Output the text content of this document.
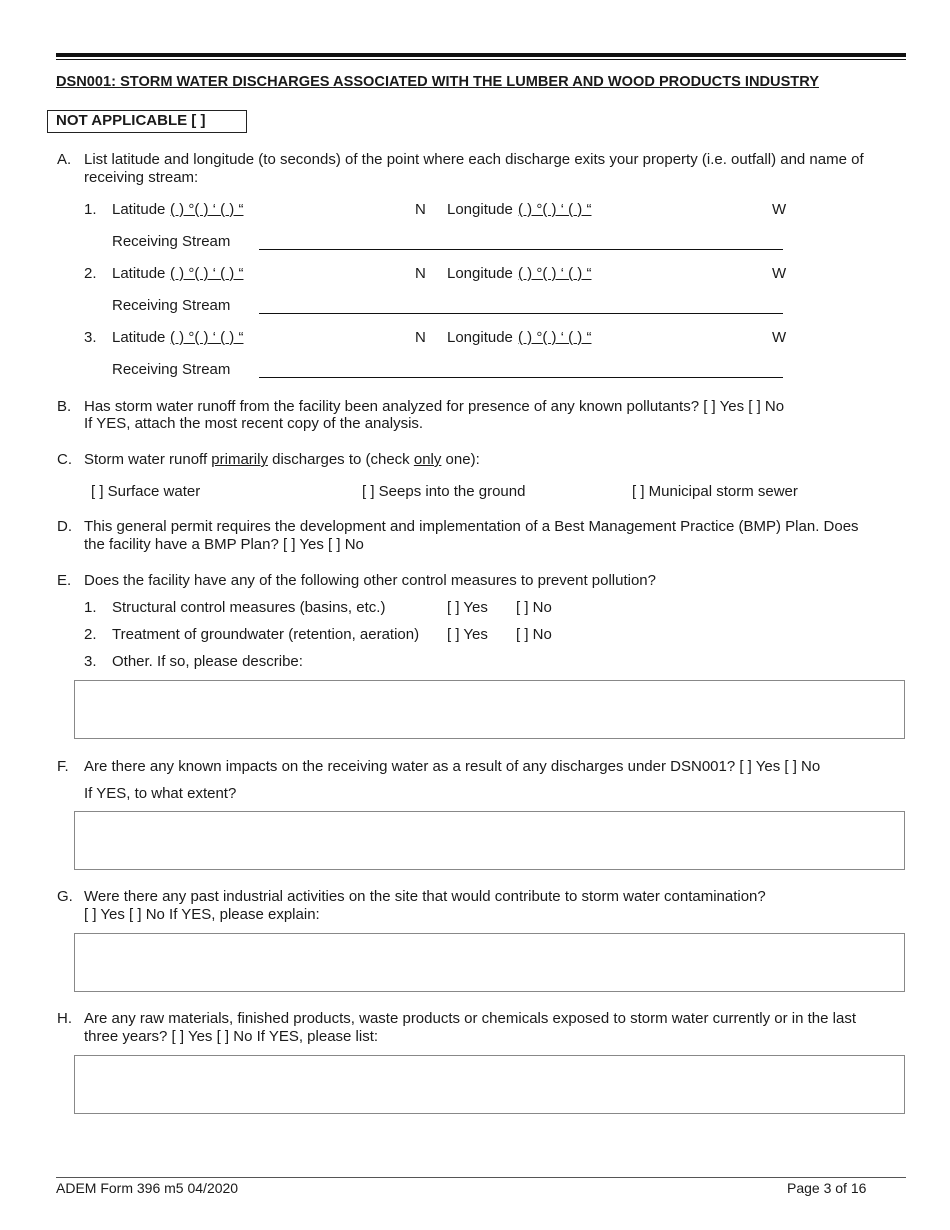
DSN001: STORM WATER DISCHARGES ASSOCIATED WITH THE LUMBER AND WOOD PRODUCTS INDUSTRY
NOT APPLICABLE [ ]
A. List latitude and longitude (to seconds) of the point where each discharge exits your property (i.e. outfall) and name of receiving stream:
1. Latitude ( ) °( ) ‘ ( ) “	N Longitude ( ) °( ) ‘ ( ) “	W
Receiving Stream
2. Latitude ( ) °( ) ‘ ( ) “	N Longitude ( ) °( ) ‘ ( ) “	W
Receiving Stream
3. Latitude ( ) °( ) ‘ ( ) “	N Longitude ( ) °( ) ‘ ( ) “	W
Receiving Stream
B. Has storm water runoff from the facility been analyzed for presence of any known pollutants? [ ] Yes [ ] No
If YES, attach the most recent copy of the analysis.
C. Storm water runoff primarily discharges to (check only one):
[ ] Surface water	[ ] Seeps into the ground	[ ] Municipal storm sewer
D. This general permit requires the development and implementation of a Best Management Practice (BMP) Plan. Does
the facility have a BMP Plan? [ ] Yes [ ] No
E. Does the facility have any of the following other control measures to prevent pollution?
1. Structural control measures (basins, etc.)	[ ] Yes [ ] No
2. Treatment of groundwater (retention, aeration) [ ] Yes [ ] No
3. Other. If so, please describe:
F. Are there any known impacts on the receiving water as a result of any discharges under DSN001? [ ] Yes [ ] No
If YES, to what extent?
G. Were there any past industrial activities on the site that would contribute to storm water contamination?
[ ] Yes [ ] No If YES, please explain:
H. Are any raw materials, finished products, waste products or chemicals exposed to storm water currently or in the last
three years? [ ] Yes [ ] No If YES, please list:
ADEM Form 396 m5 04/2020	Page 3 of 16
